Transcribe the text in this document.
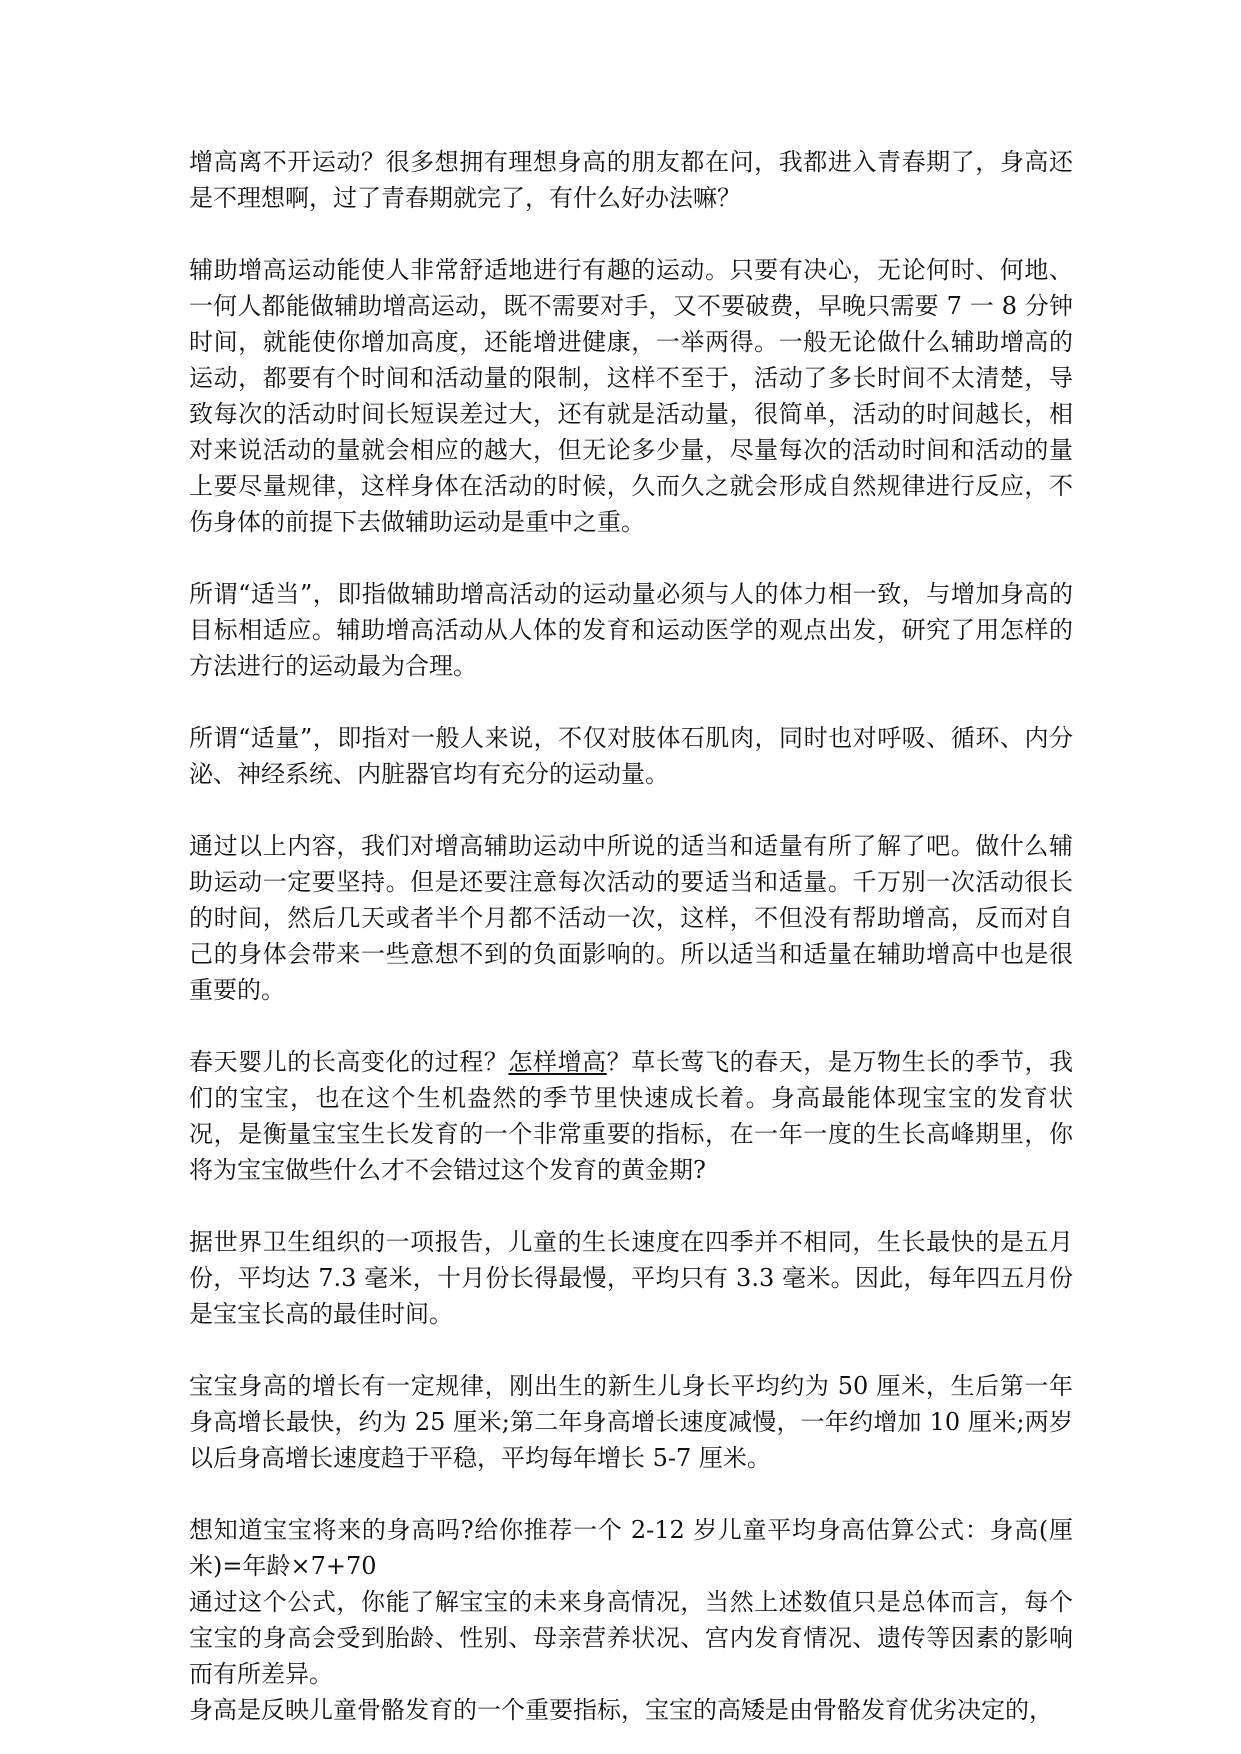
增高离不开运动？很多想拥有理想身高的朋友都在问，我都进入青春期了，身高还是不理想啊，过了青春期就完了，有什么好办法嘛？

辅助增高运动能使人非常舒适地进行有趣的运动。只要有决心，无论何时、何地、一何人都能做辅助增高运动，既不需要对手，又不要破费，早晚只需要 7 一 8 分钟时间，就能使你增加高度，还能增进健康，一举两得。一般无论做什么辅助增高的运动，都要有个时间和活动量的限制，这样不至于，活动了多长时间不太清楚，导致每次的活动时间长短误差过大，还有就是活动量，很简单，活动的时间越长，相对来说活动的量就会相应的越大，但无论多少量，尽量每次的活动时间和活动的量上要尽量规律，这样身体在活动的时候，久而久之就会形成自然规律进行反应，不伤身体的前提下去做辅助运动是重中之重。

所谓“适当”，即指做辅助增高活动的运动量必须与人的体力相一致，与增加身高的目标相适应。辅助增高活动从人体的发育和运动医学的观点出发，研究了用怎样的方法进行的运动最为合理。

所谓“适量”，即指对一般人来说，不仅对肢体石肌肉，同时也对呼吸、循环、内分泌、神经系统、内脏器官均有充分的运动量。

通过以上内容，我们对增高辅助运动中所说的适当和适量有所了解了吧。做什么辅助运动一定要坚持。但是还要注意每次活动的要适当和适量。千万别一次活动很长的时间，然后几天或者半个月都不活动一次，这样，不但没有帮助增高，反而对自己的身体会带来一些意想不到的负面影响的。所以适当和适量在辅助增高中也是很重要的。

春天婴儿的长高变化的过程？怎样增高？草长莺飞的春天，是万物生长的季节，我们的宝宝，也在这个生机盎然的季节里快速成长着。身高最能体现宝宝的发育状况，是衡量宝宝生长发育的一个非常重要的指标，在一年一度的生长高峰期里，你将为宝宝做些什么才不会错过这个发育的黄金期?

据世界卫生组织的一项报告，儿童的生长速度在四季并不相同，生长最快的是五月份，平均达 7.3 毫米，十月份长得最慢，平均只有 3.3 毫米。因此，每年四五月份是宝宝长高的最佳时间。

宝宝身高的增长有一定规律，刚出生的新生儿身长平均约为 50 厘米，生后第一年身高增长最快，约为 25 厘米;第二年身高增长速度减慢，一年约增加 10 厘米;两岁以后身高增长速度趋于平稳，平均每年增长 5-7 厘米。

想知道宝宝将来的身高吗?给你推荐一个 2-12 岁儿童平均身高估算公式：身高(厘米)=年龄×7+70

通过这个公式，你能了解宝宝的未来身高情况，当然上述数值只是总体而言，每个宝宝的身高会受到胎龄、性别、母亲营养状况、宫内发育情况、遗传等因素的影响而有所差异。

身高是反映儿童骨骼发育的一个重要指标，宝宝的高矮是由骨骼发育优劣决定的，
